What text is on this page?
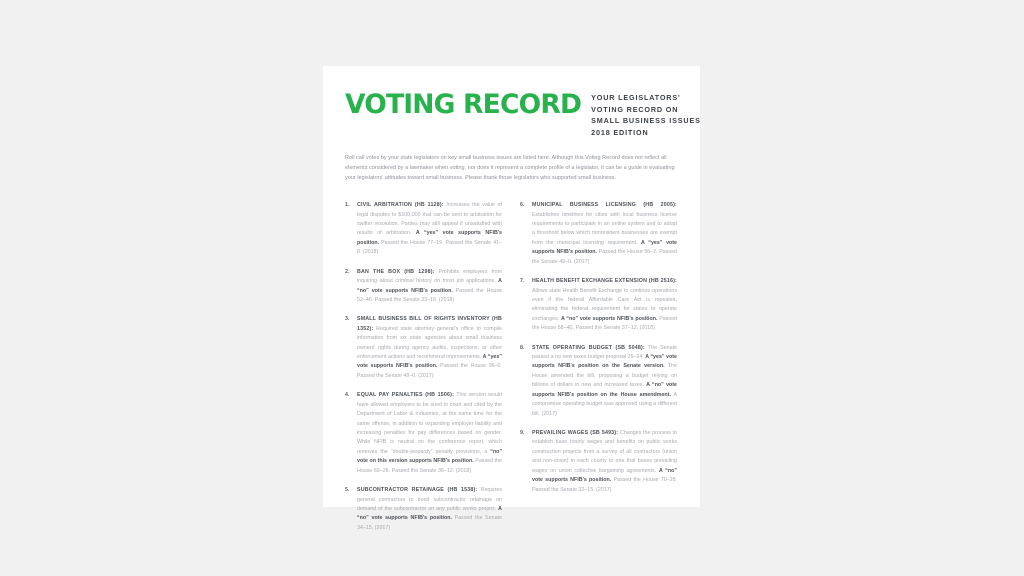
VOTING RECORD YOUR LEGISLATORS'
VOTING RECORD ON
SMALL BUSINESS ISSUES
2018 EDITION
Roll call votes by your state legislators on key small business issues are listed here. Although this Voting Record does not reflect all elements considered by a lawmaker when voting, nor does it represent a complete profile of a legislator, it can be a guide in evaluating your legislators' attitudes toward small business. Please thank those legislators who supported small business.
1.	CIVIL ARBITRATION (HB 1128): Increases the value of legal disputes to $100,000 that can be sent to arbitration for swifter resolution. Parties may still appeal if unsatisfied with results of arbitration. A “yes” vote supports NFIB's position. Passed the House 77–19. Passed the Senate 41–8. (2018)
2.	BAN THE BOX (HB 1298): Prohibits employers from inquiring about criminal history on most job applications. A “no” vote supports NFIB's position. Passed the House 52–46. Passed the Senate 33–16. (2018)
3.	SMALL BUSINESS BILL OF RIGHTS INVENTORY (HB 1352): Required state attorney general's office to compile information from six state agencies about small business owners' rights during agency audits, inspections, or other enforcement actions and recommend improvements. A “yes” vote supports NFIB's position. Passed the House 96–0. Passed the Senate 49–0. (2017)
4.	EQUAL PAY PENALTIES (HB 1506): This version would have allowed employers to be sued in court and cited by the Department of Labor & Industries, at the same time for the same offense, in addition to expanding employer liability and increasing penalties for pay differences based on gender. While NFIB is neutral on the conference report, which removes the “double-jeopardy” penalty provisions, a “no” vote on this version supports NFIB's position. Passed the House 69–28. Passed the Senate 36–12. (2018)
5.	SUBCONTRACTOR RETAINAGE (HB 1538): Requires general contractors to bond subcontractor retainage on demand of the subcontractor on any public works project. A “no” vote supports NFIB's position. Passed the Senate 34–15. (2017)
6.	MUNICIPAL BUSINESS LICENSING (HB 2005): Establishes timelines for cities with local business license requirements to participate in an online system and to adopt a threshold below which nonresident businesses are exempt from the municipal licensing requirement. A “yes” vote supports NFIB's position. Passed the House 96–2. Passed the Senate 49–0. (2017)
7.	HEALTH BENEFIT EXCHANGE EXTENSION (HB 2516): Allows state Health Benefit Exchange to continue operations even if the federal Affordable Care Act is repealed, eliminating the federal requirement for states to operate exchanges. A “no” vote supports NFIB's position. Passed the House 58–40. Passed the Senate 37–12. (2018)
8.	STATE OPERATING BUDGET (SB 5048): The Senate passed a no new taxes budget proposal 25–24. A “yes” vote supports NFIB's position on the Senate version. The House amended the bill, proposing a budget relying on billions of dollars in new and increased taxes. A “no” vote supports NFIB's position on the House amendment. A compromise operating budget was approved using a different bill. (2017)
9.	PREVAILING WAGES (SB 5493): Changes the process to establish base hourly wages and benefits on public works construction projects from a survey of all contractors (union and non-union) in each county to one that bases prevailing wages on union collective bargaining agreements. A “no” vote supports NFIB's position. Passed the House 70–28. Passed the Senate 32–15. (2017)
